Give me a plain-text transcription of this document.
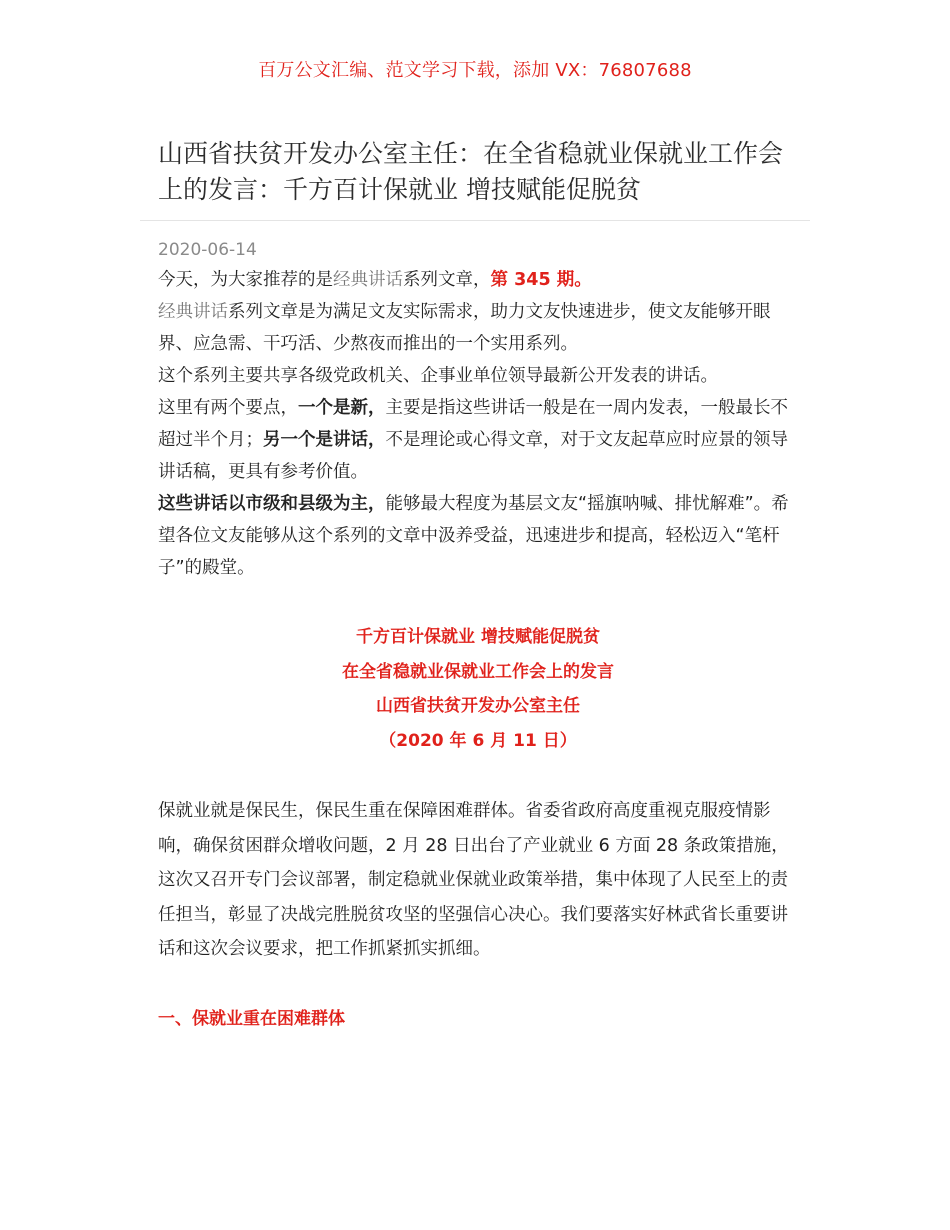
百万公文汇编、范文学习下载，添加 VX：76807688
山西省扶贫开发办公室主任：在全省稳就业保就业工作会上的发言：千方百计保就业 增技赋能促脱贫
2020-06-14

今天，为大家推荐的是经典讲话系列文章，第 345 期。

经典讲话系列文章是为满足文友实际需求，助力文友快速进步，使文友能够开眼界、应急需、干巧活、少熬夜而推出的一个实用系列。

这个系列主要共享各级党政机关、企事业单位领导最新公开发表的讲话。

这里有两个要点，一个是新，主要是指这些讲话一般是在一周内发表，一般最长不超过半个月；另一个是讲话，不是理论或心得文章，对于文友起草应时应景的领导讲话稿，更具有参考价值。

这些讲话以市级和县级为主，能够最大程度为基层文友“摇旗呐喊、排忧解难”。希望各位文友能够从这个系列的文章中汲养受益，迅速进步和提高，轻松迈入“笔杆子”的殿堂。

千方百计保就业 增技赋能促脱贫
在全省稳就业保就业工作会上的发言
山西省扶贫开发办公室主任
（2020 年 6 月 11 日）

保就业就是保民生，保民生重在保障困难群体。省委省政府高度重视克服疫情影响，确保贫困群众增收问题，2 月 28 日出台了产业就业 6 方面 28 条政策措施，这次又召开专门会议部署，制定稳就业保就业政策举措，集中体现了人民至上的责任担当，彰显了决战完胜脱贫攻坚的坚强信心决心。我们要落实好林武省长重要讲话和这次会议要求，把工作抓紧抓实抓细。

一、保就业重在困难群体
